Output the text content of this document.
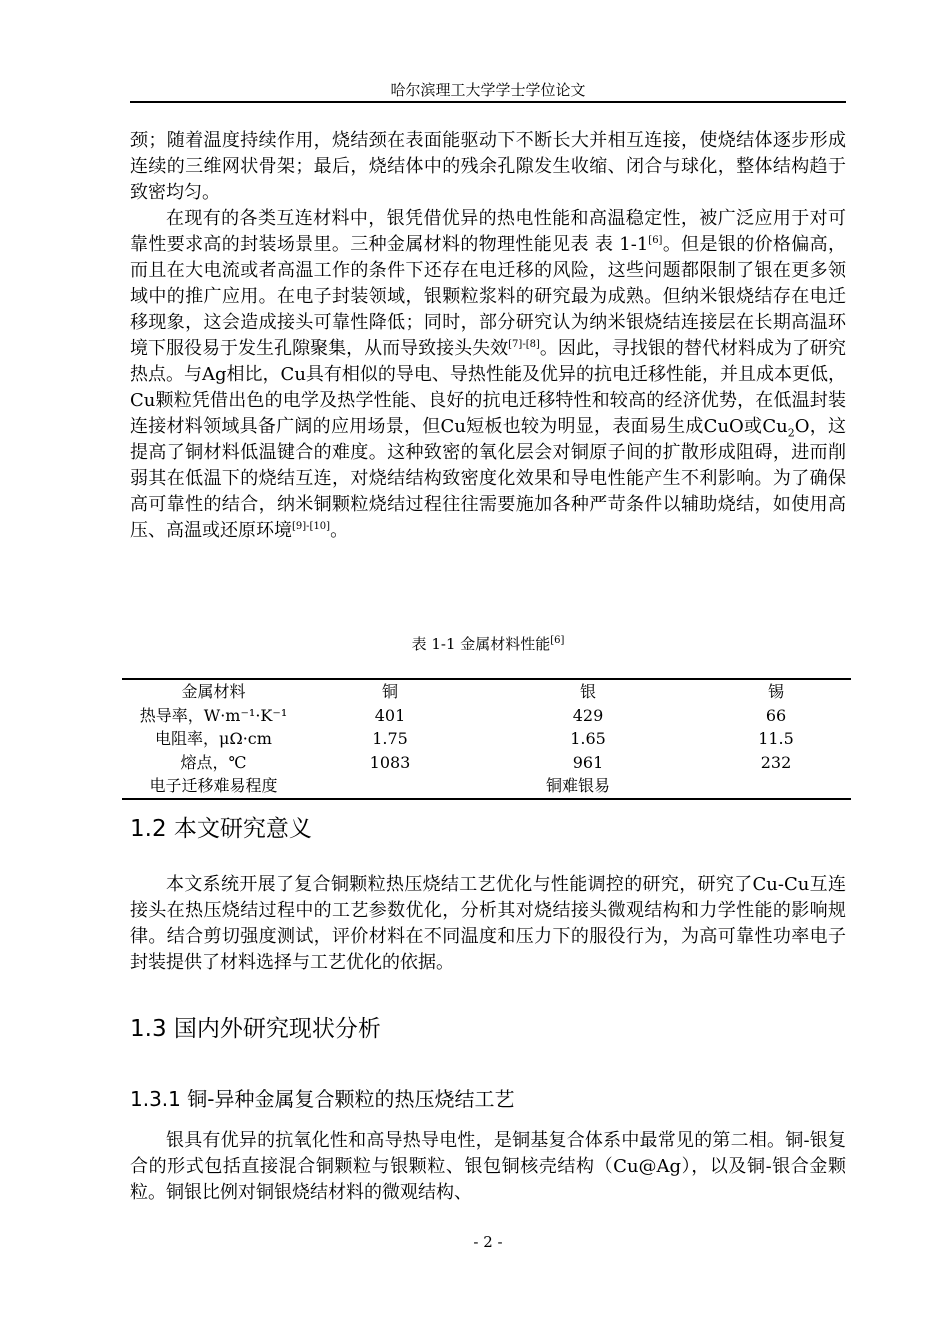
哈尔滨理工大学学士学位论文

颈；随着温度持续作用，烧结颈在表面能驱动下不断长大并相互连接，使烧结体逐步形成连续的三维网状骨架；最后，烧结体中的残余孔隙发生收缩、闭合与球化，整体结构趋于致密均匀。

在现有的各类互连材料中，银凭借优异的热电性能和高温稳定性，被广泛应用于对可靠性要求高的封装场景里。三种金属材料的物理性能见表 表 1-1[6]。但是银的价格偏高，而且在大电流或者高温工作的条件下还存在电迁移的风险，这些问题都限制了银在更多领域中的推广应用。在电子封装领域，银颗粒浆料的研究最为成熟。但纳米银烧结存在电迁移现象，这会造成接头可靠性降低；同时，部分研究认为纳米银烧结连接层在长期高温环境下服役易于发生孔隙聚集，从而导致接头失效[7]-[8]。因此，寻找银的替代材料成为了研究热点。与Ag相比，Cu具有相似的导电、导热性能及优异的抗电迁移性能，并且成本更低，Cu颗粒凭借出色的电学及热学性能、良好的抗电迁移特性和较高的经济优势，在低温封装连接材料领域具备广阔的应用场景，但Cu短板也较为明显，表面易生成CuO或$Cu_2O$，这提高了铜材料低温键合的难度。这种致密的氧化层会对铜原子间的扩散形成阻碍，进而削弱其在低温下的烧结互连，对烧结结构致密度化效果和导电性能产生不利影响。为了确保高可靠性的结合，纳米铜颗粒烧结过程往往需要施加各种严苛条件以辅助烧结，如使用高压、高温或还原环境[9]-[10]。

表 1-1 金属材料性能[6]
金属材料	铜	银	锡
热导率，W·m⁻¹·K⁻¹	401	429	66
电阻率，μΩ·cm	1.75	1.65	11.5
熔点，℃	1083	961	232
电子迁移难易程度	铜难银易		
1.2 本文研究意义

本文系统开展了复合铜颗粒热压烧结工艺优化与性能调控的研究，研究了Cu-Cu互连接头在热压烧结过程中的工艺参数优化，分析其对烧结接头微观结构和力学性能的影响规律。结合剪切强度测试，评价材料在不同温度和压力下的服役行为，为高可靠性功率电子封装提供了材料选择与工艺优化的依据。

1.3 国内外研究现状分析
1.3.1 铜-异种金属复合颗粒的热压烧结工艺

银具有优异的抗氧化性和高导热导电性，是铜基复合体系中最常见的第二相。铜-银复合的形式包括直接混合铜颗粒与银颗粒、银包铜核壳结构（Cu@Ag），以及铜-银合金颗粒。铜银比例对铜银烧结材料的微观结构、

- 2 -
